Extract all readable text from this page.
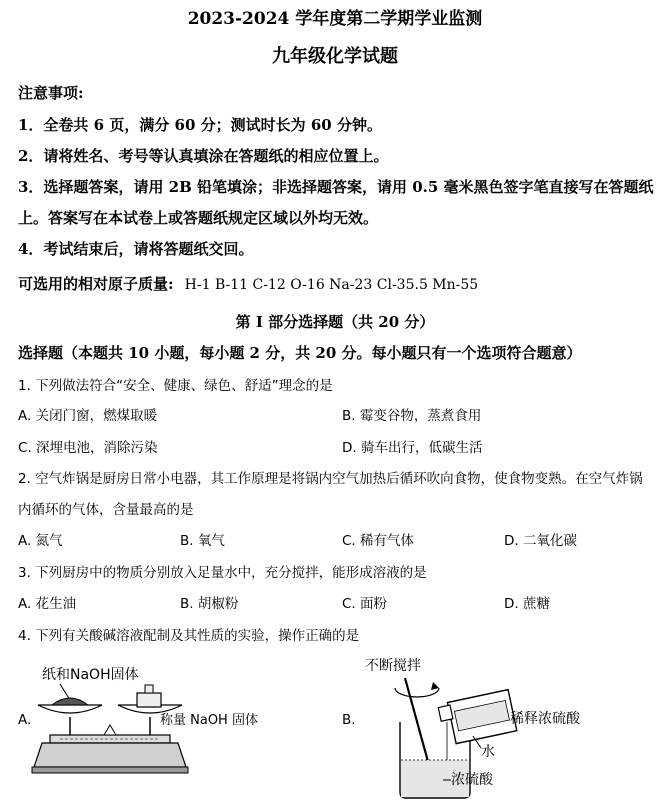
2023-2024 学年度第二学期学业监测
九年级化学试题
注意事项:
1．全卷共 6 页，满分 60 分；测试时长为 60 分钟。
2．请将姓名、考号等认真填涂在答题纸的相应位置上。
3．选择题答案，请用 2B 铅笔填涂；非选择题答案，请用 0.5 毫米黑色签字笔直接写在答题纸
上。答案写在本试卷上或答题纸规定区域以外均无效。
4．考试结束后，请将答题纸交回。
可选用的相对原子质量: H-1 B-11 C-12 O-16 Na-23 Cl-35.5 Mn-55
第 I 部分选择题（共 20 分）
选择题（本题共 10 小题，每小题 2 分，共 20 分。每小题只有一个选项符合题意）
1. 下列做法符合“安全、健康、绿色、舒适”理念的是
A. 关闭门窗，燃煤取暖	B. 霉变谷物，蒸煮食用
C. 深埋电池，消除污染	D. 骑车出行，低碳生活
2. 空气炸锅是厨房日常小电器，其工作原理是将锅内空气加热后循环吹向食物，使食物变熟。在空气炸锅
内循环的气体，含量最高的是
A. 氮气	B. 氧气	C. 稀有气体	D. 二氧化碳
3. 下列厨房中的物质分别放入足量水中，充分搅拌，能形成溶液的是
A. 花生油	B. 胡椒粉	C. 面粉	D. 蔗糖
4. 下列有关酸碱溶液配制及其性质的实验，操作正确的是
A.
纸和NaOH固体
称量 NaOH 固体	B.
不断搅拌
稀释浓硫酸
水
浓硫酸
